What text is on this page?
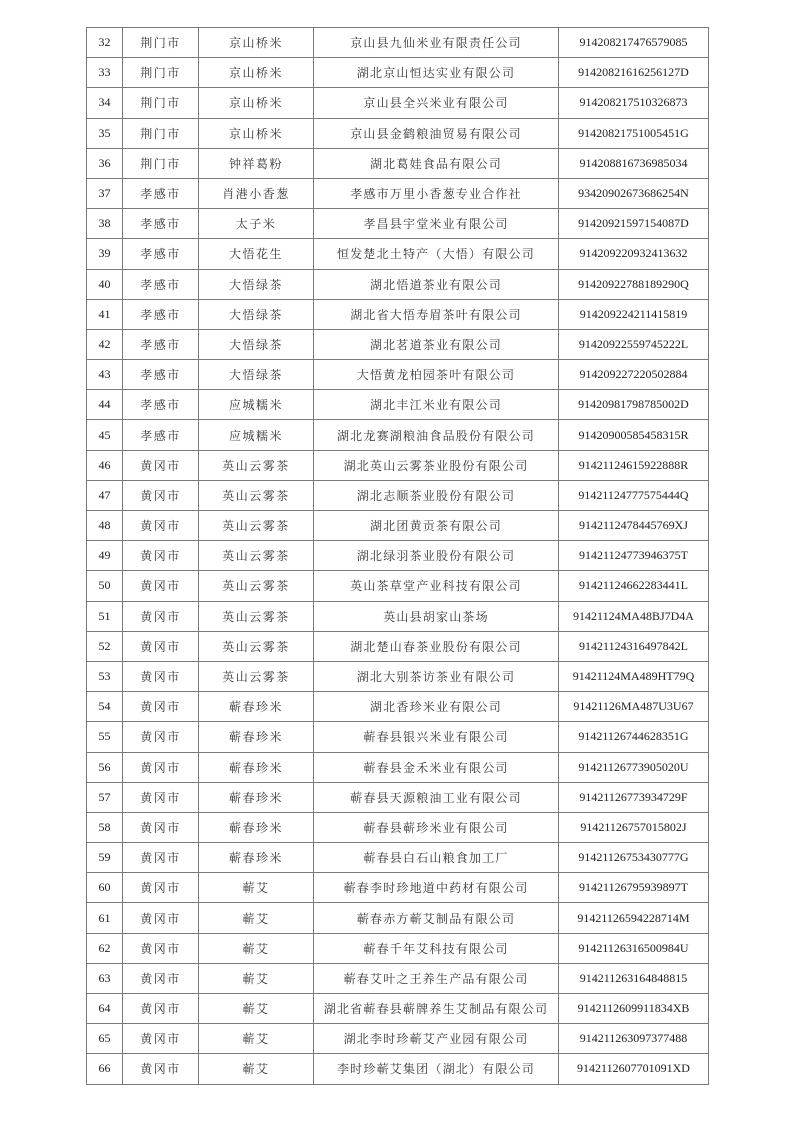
32	荆门市	京山桥米	京山县九仙米业有限责任公司	914208217476579085
33	荆门市	京山桥米	湖北京山恒达实业有限公司	91420821616256127D
34	荆门市	京山桥米	京山县全兴米业有限公司	914208217510326873
35	荆门市	京山桥米	京山县金鹤粮油贸易有限公司	91420821751005451G
36	荆门市	钟祥葛粉	湖北葛娃食品有限公司	914208816736985034
37	孝感市	肖港小香葱	孝感市万里小香葱专业合作社	93420902673686254N
38	孝感市	太子米	孝昌县宇堂米业有限公司	91420921597154087D
39	孝感市	大悟花生	恒发楚北土特产（大悟）有限公司	914209220932413632
40	孝感市	大悟绿茶	湖北悟道茶业有限公司	91420922788189290Q
41	孝感市	大悟绿茶	湖北省大悟寿眉茶叶有限公司	914209224211415819
42	孝感市	大悟绿茶	湖北茗道茶业有限公司	91420922559745222L
43	孝感市	大悟绿茶	大悟黄龙柏园茶叶有限公司	914209227220502884
44	孝感市	应城糯米	湖北丰江米业有限公司	91420981798785002D
45	孝感市	应城糯米	湖北龙赛湖粮油食品股份有限公司	91420900585458315R
46	黄冈市	英山云雾茶	湖北英山云雾茶业股份有限公司	91421124615922888R
47	黄冈市	英山云雾茶	湖北志顺茶业股份有限公司	91421124777575444Q
48	黄冈市	英山云雾茶	湖北团黄贡茶有限公司	9142112478445769XJ
49	黄冈市	英山云雾茶	湖北绿羽茶业股份有限公司	91421124773946375T
50	黄冈市	英山云雾茶	英山茶草堂产业科技有限公司	91421124662283441L
51	黄冈市	英山云雾茶	英山县胡家山茶场	91421124MA48BJ7D4A
52	黄冈市	英山云雾茶	湖北楚山春茶业股份有限公司	91421124316497842L
53	黄冈市	英山云雾茶	湖北大别茶访茶业有限公司	91421124MA489HT79Q
54	黄冈市	蕲春珍米	湖北香珍米业有限公司	91421126MA487U3U67
55	黄冈市	蕲春珍米	蕲春县银兴米业有限公司	91421126744628351G
56	黄冈市	蕲春珍米	蕲春县金禾米业有限公司	91421126773905020U
57	黄冈市	蕲春珍米	蕲春县天源粮油工业有限公司	91421126773934729F
58	黄冈市	蕲春珍米	蕲春县蕲珍米业有限公司	91421126757015802J
59	黄冈市	蕲春珍米	蕲春县白石山粮食加工厂	91421126753430777G
60	黄冈市	蕲艾	蕲春李时珍地道中药材有限公司	91421126795939897T
61	黄冈市	蕲艾	蕲春赤方蕲艾制品有限公司	91421126594228714M
62	黄冈市	蕲艾	蕲春千年艾科技有限公司	91421126316500984U
63	黄冈市	蕲艾	蕲春艾叶之王养生产品有限公司	914211263164848815
64	黄冈市	蕲艾	湖北省蕲春县蕲牌养生艾制品有限公司	9142112609911834XB
65	黄冈市	蕲艾	湖北李时珍蕲艾产业园有限公司	914211263097377488
66	黄冈市	蕲艾	李时珍蕲艾集团（湖北）有限公司	9142112607701091XD
